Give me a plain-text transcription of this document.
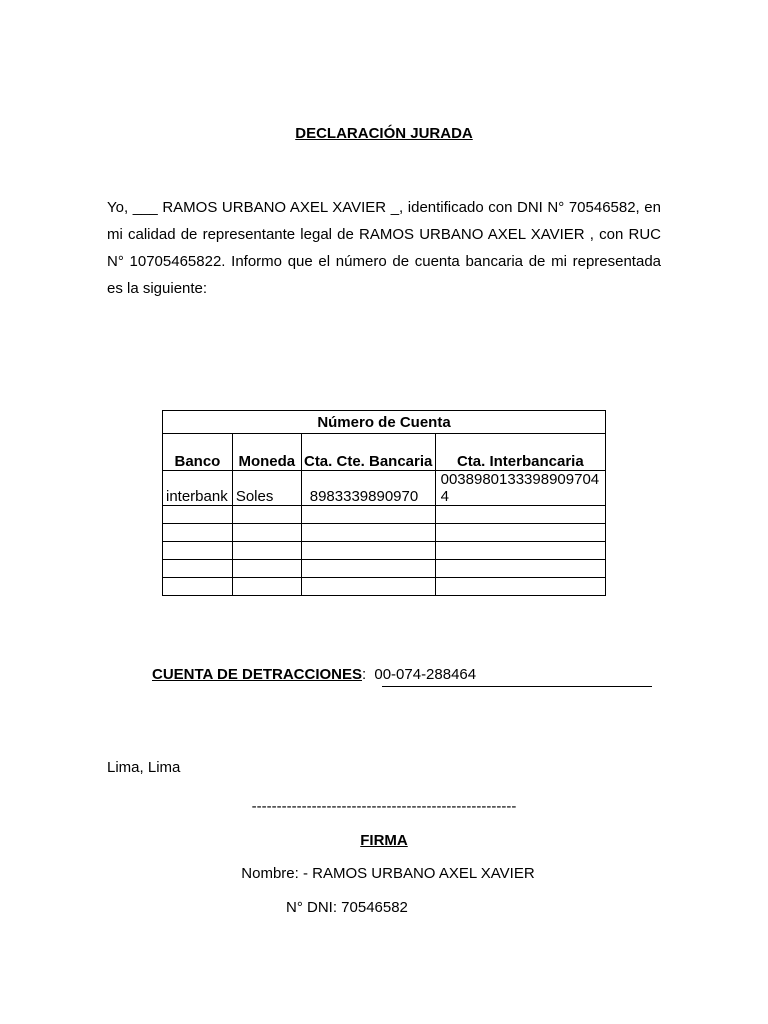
DECLARACIÓN JURADA
Yo, ___ RAMOS URBANO AXEL XAVIER _, identificado con DNI N° 70546582, en mi calidad de representante legal de RAMOS URBANO AXEL XAVIER , con RUC N° 10705465822. Informo que el número de cuenta bancaria de mi representada es la siguiente:
Número de Cuenta			
Banco	Moneda	Cta. Cte. Bancaria	Cta. Interbancaria
interbank	Soles	8983339890970	00389801333989097044

CUENTA DE DETRACCIONES: 00-074-288464
Lima, Lima
-----------------------------------------------------
FIRMA
Nombre: - RAMOS URBANO AXEL XAVIER
N° DNI: 70546582
